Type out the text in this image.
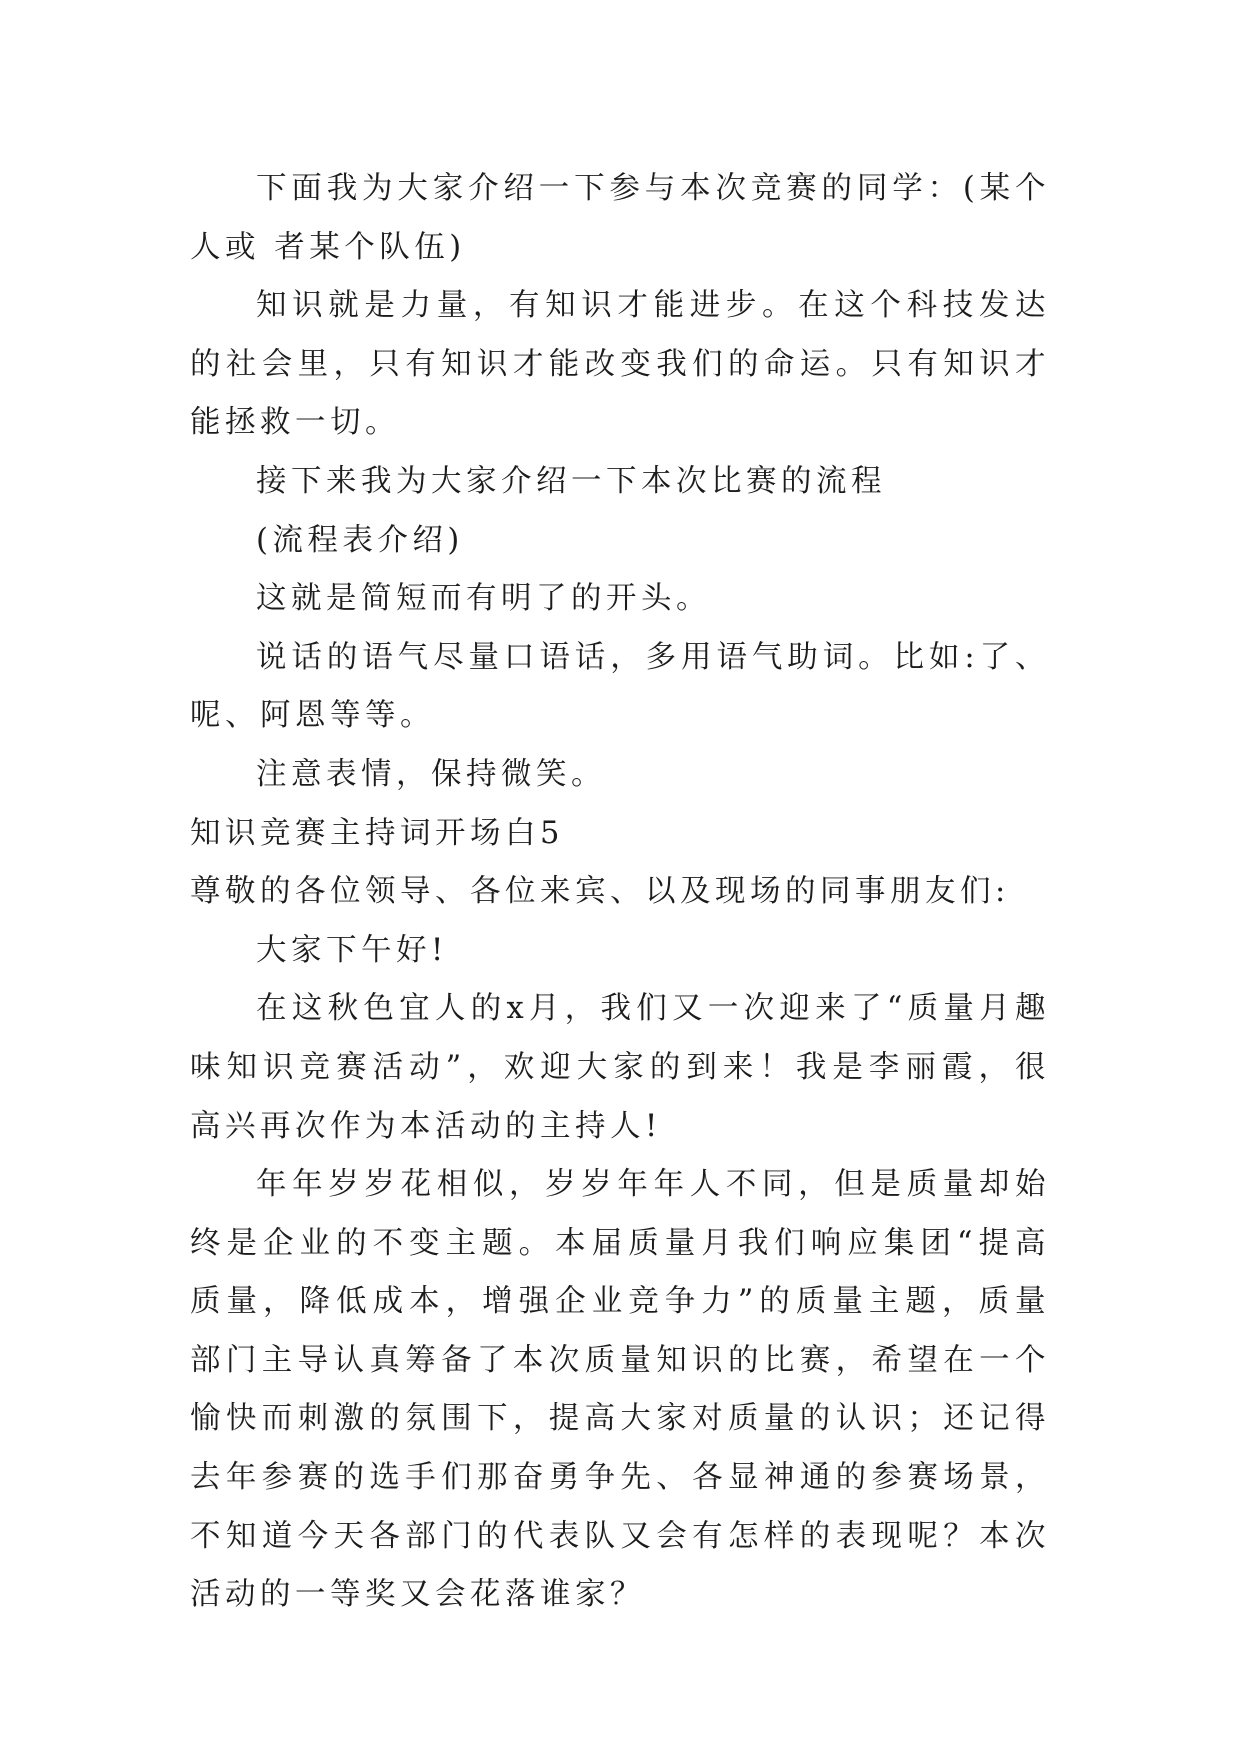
下面我为大家介绍一下参与本次竞赛的同学：(某个人或 者某个队伍)

知识就是力量，有知识才能进步。在这个科技发达的社会里，只有知识才能改变我们的命运。只有知识才能拯救一切。

接下来我为大家介绍一下本次比赛的流程

(流程表介绍)

这就是简短而有明了的开头。

说话的语气尽量口语话，多用语气助词。比如:了、呢、阿恩等等。

注意表情，保持微笑。

知识竞赛主持词开场白5

尊敬的各位领导、各位来宾、以及现场的同事朋友们:

大家下午好!

在这秋色宜人的x月，我们又一次迎来了“质量月趣味知识竞赛活动”，欢迎大家的到来！我是李丽霞，很高兴再次作为本活动的主持人!

年年岁岁花相似，岁岁年年人不同，但是质量却始终是企业的不变主题。本届质量月我们响应集团“提高质量，降低成本，增强企业竞争力”的质量主题，质量部门主导认真筹备了本次质量知识的比赛，希望在一个愉快而刺激的氛围下，提高大家对质量的认识；还记得去年参赛的选手们那奋勇争先、各显神通的参赛场景，不知道今天各部门的代表队又会有怎样的表现呢？本次活动的一等奖又会花落谁家？
